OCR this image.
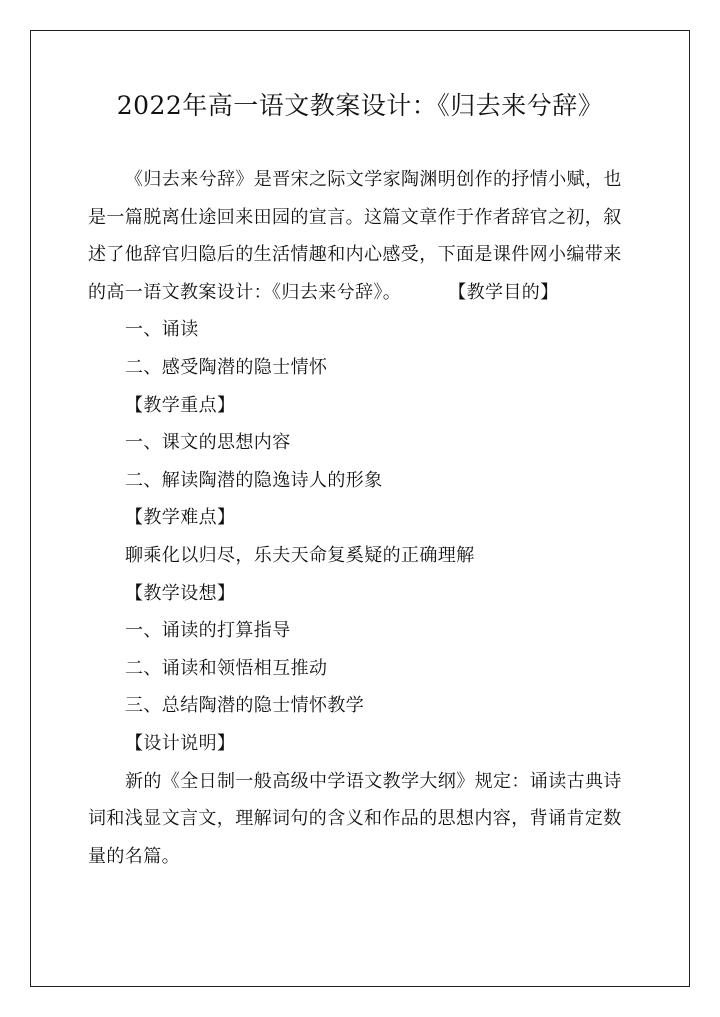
2022年高一语文教案设计：《归去来兮辞》

《归去来兮辞》是晋宋之际文学家陶渊明创作的抒情小赋，也是一篇脱离仕途回来田园的宣言。这篇文章作于作者辞官之初，叙述了他辞官归隐后的生活情趣和内心感受，下面是课件网小编带来的高一语文教案设计：《归去来兮辞》。	【教学目的】

一、诵读

二、感受陶潜的隐士情怀

【教学重点】

一、课文的思想内容

二、解读陶潜的隐逸诗人的形象

【教学难点】

聊乘化以归尽，乐夫天命复奚疑的正确理解

【教学设想】

一、诵读的打算指导

二、诵读和领悟相互推动

三、总结陶潜的隐士情怀教学

【设计说明】

新的《全日制一般高级中学语文教学大纲》规定：诵读古典诗词和浅显文言文，理解词句的含义和作品的思想内容，背诵肯定数量的名篇。
